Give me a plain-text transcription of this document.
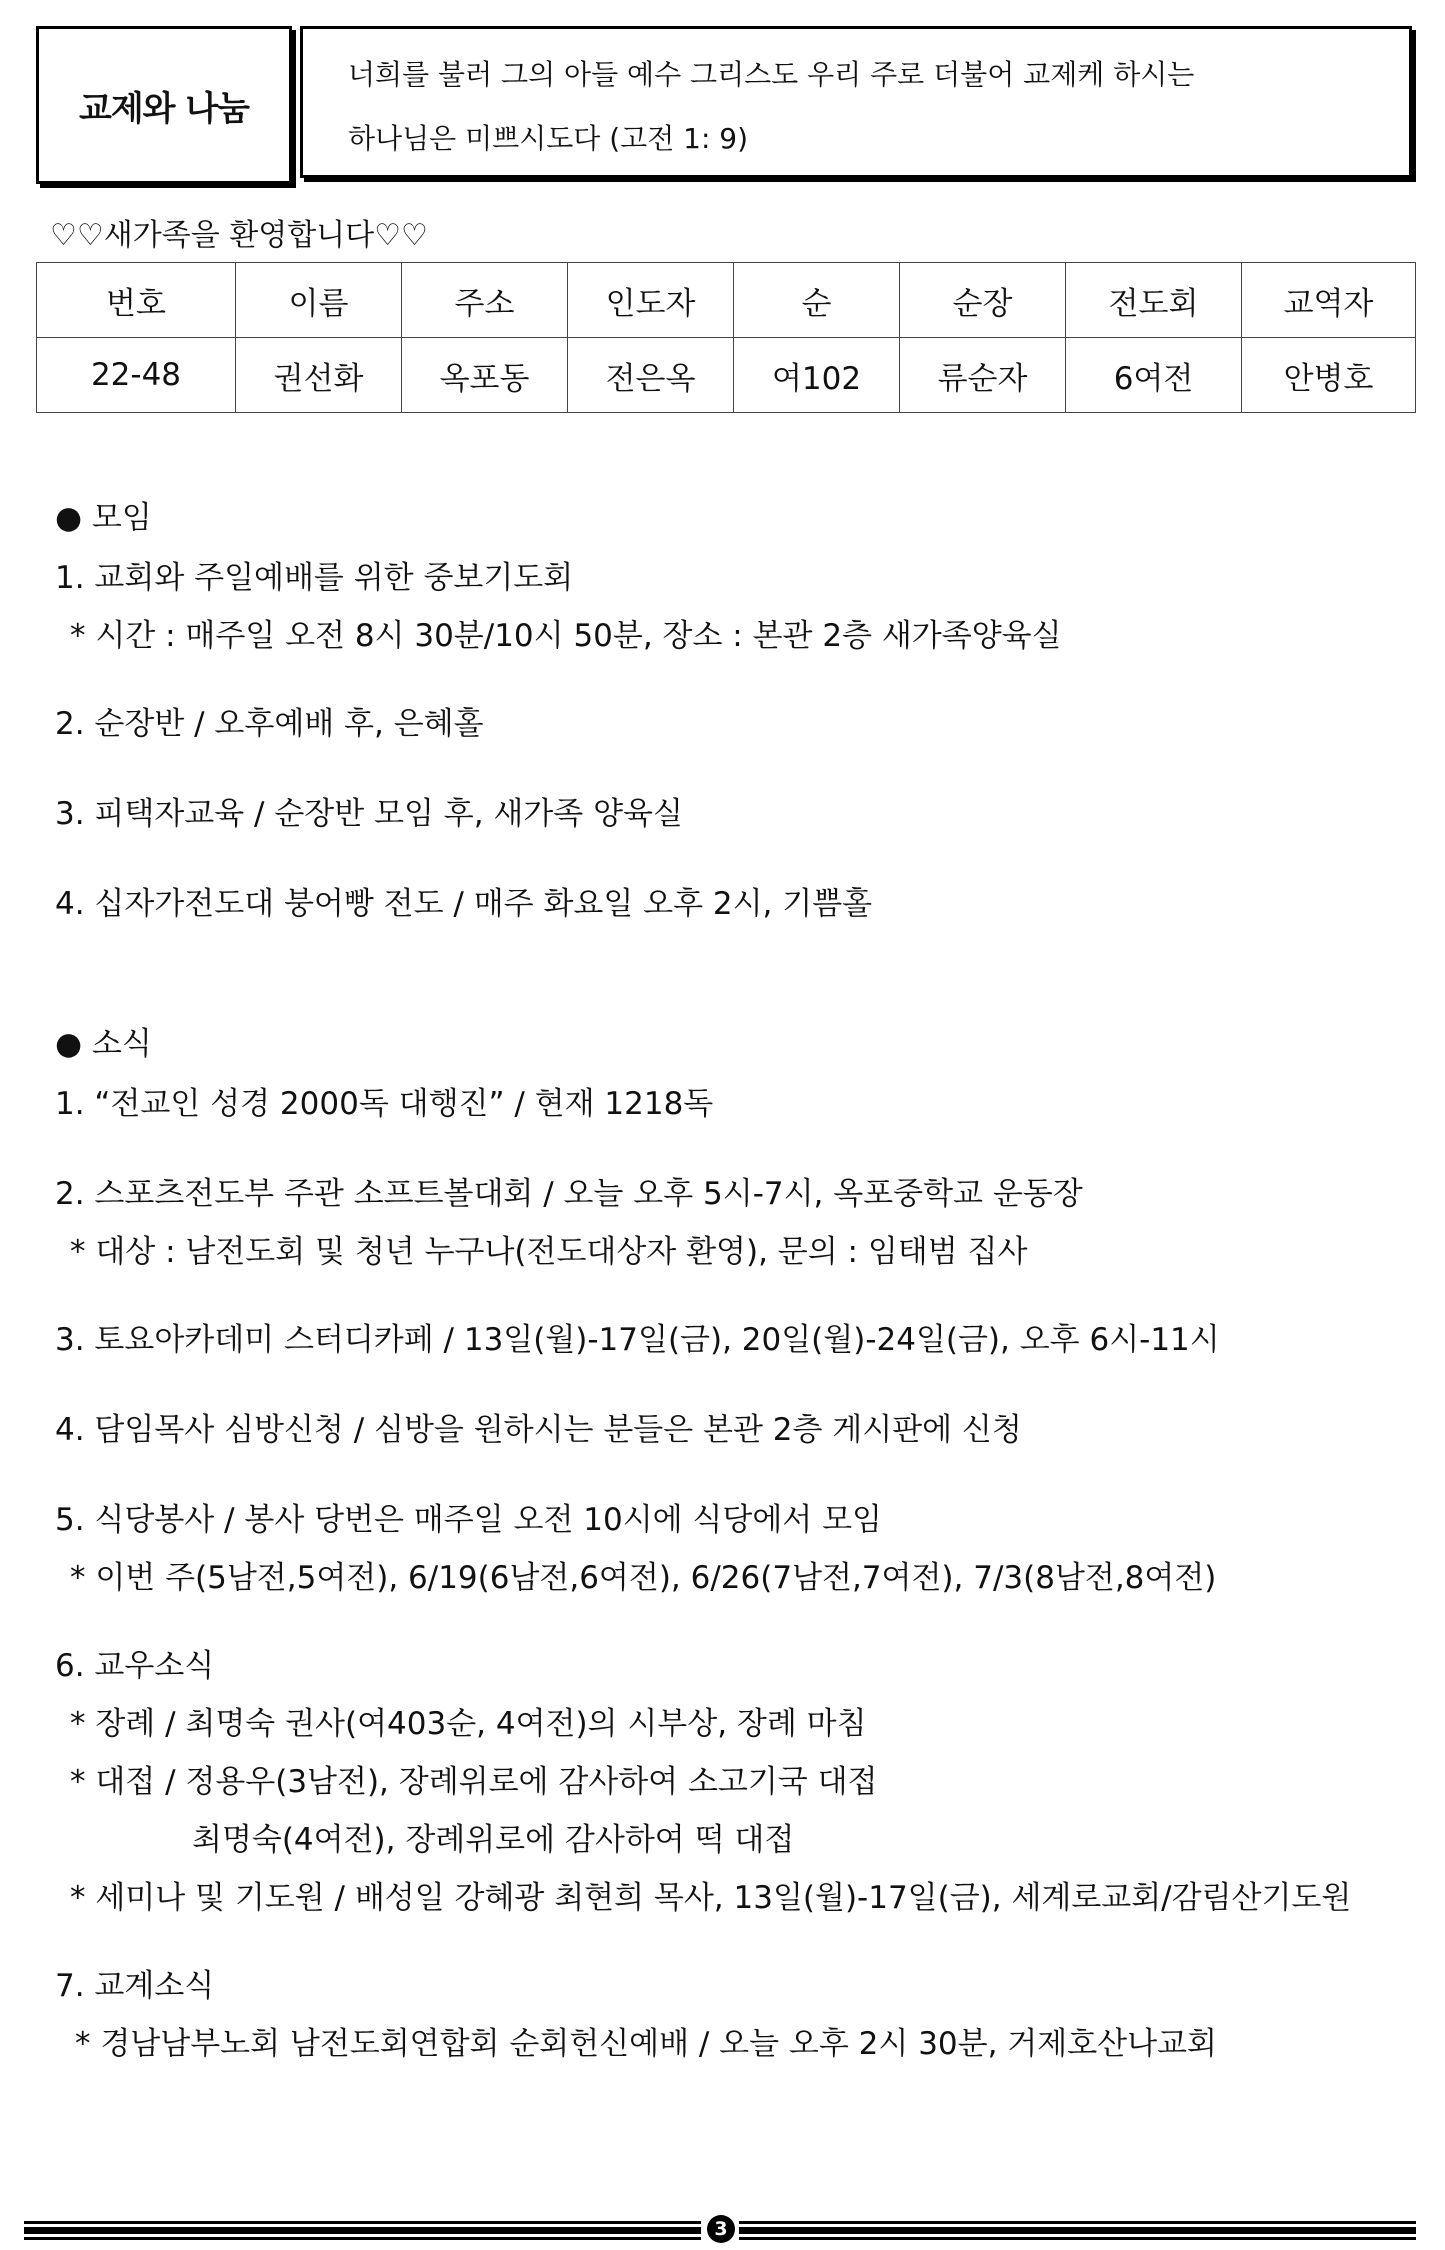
교제와 나눔
너희를 불러 그의 아들 예수 그리스도 우리 주로 더불어 교제케 하시는
하나님은 미쁘시도다 (고전 1: 9)
♡♡새가족을 환영합니다♡♡
번호	이름	주소	인도자	순	순장	전도회	교역자
22-48	권선화	옥포동	전은옥	여102	류순자	6여전	안병호
● 모임
1. 교회와 주일예배를 위한 중보기도회
* 시간 : 매주일 오전 8시 30분/10시 50분, 장소 : 본관 2층 새가족양육실
2. 순장반 / 오후예배 후, 은혜홀
3. 피택자교육 / 순장반 모임 후, 새가족 양육실
4. 십자가전도대 붕어빵 전도 / 매주 화요일 오후 2시, 기쁨홀
● 소식
1. “전교인 성경 2000독 대행진” / 현재 1218독
2. 스포츠전도부 주관 소프트볼대회 / 오늘 오후 5시-7시, 옥포중학교 운동장
* 대상 : 남전도회 및 청년 누구나(전도대상자 환영), 문의 : 임태범 집사
3. 토요아카데미 스터디카페 / 13일(월)-17일(금), 20일(월)-24일(금), 오후 6시-11시
4. 담임목사 심방신청 / 심방을 원하시는 분들은 본관 2층 게시판에 신청
5. 식당봉사 / 봉사 당번은 매주일 오전 10시에 식당에서 모임
* 이번 주(5남전,5여전), 6/19(6남전,6여전), 6/26(7남전,7여전), 7/3(8남전,8여전)
6. 교우소식
* 장례 / 최명숙 권사(여403순, 4여전)의 시부상, 장례 마침
* 대접 / 정용우(3남전), 장례위로에 감사하여 소고기국 대접
최명숙(4여전), 장례위로에 감사하여 떡 대접
* 세미나 및 기도원 / 배성일 강혜광 최현희 목사, 13일(월)-17일(금), 세계로교회/감림산기도원
7. 교계소식
* 경남남부노회 남전도회연합회 순회헌신예배 / 오늘 오후 2시 30분, 거제호산나교회
3
